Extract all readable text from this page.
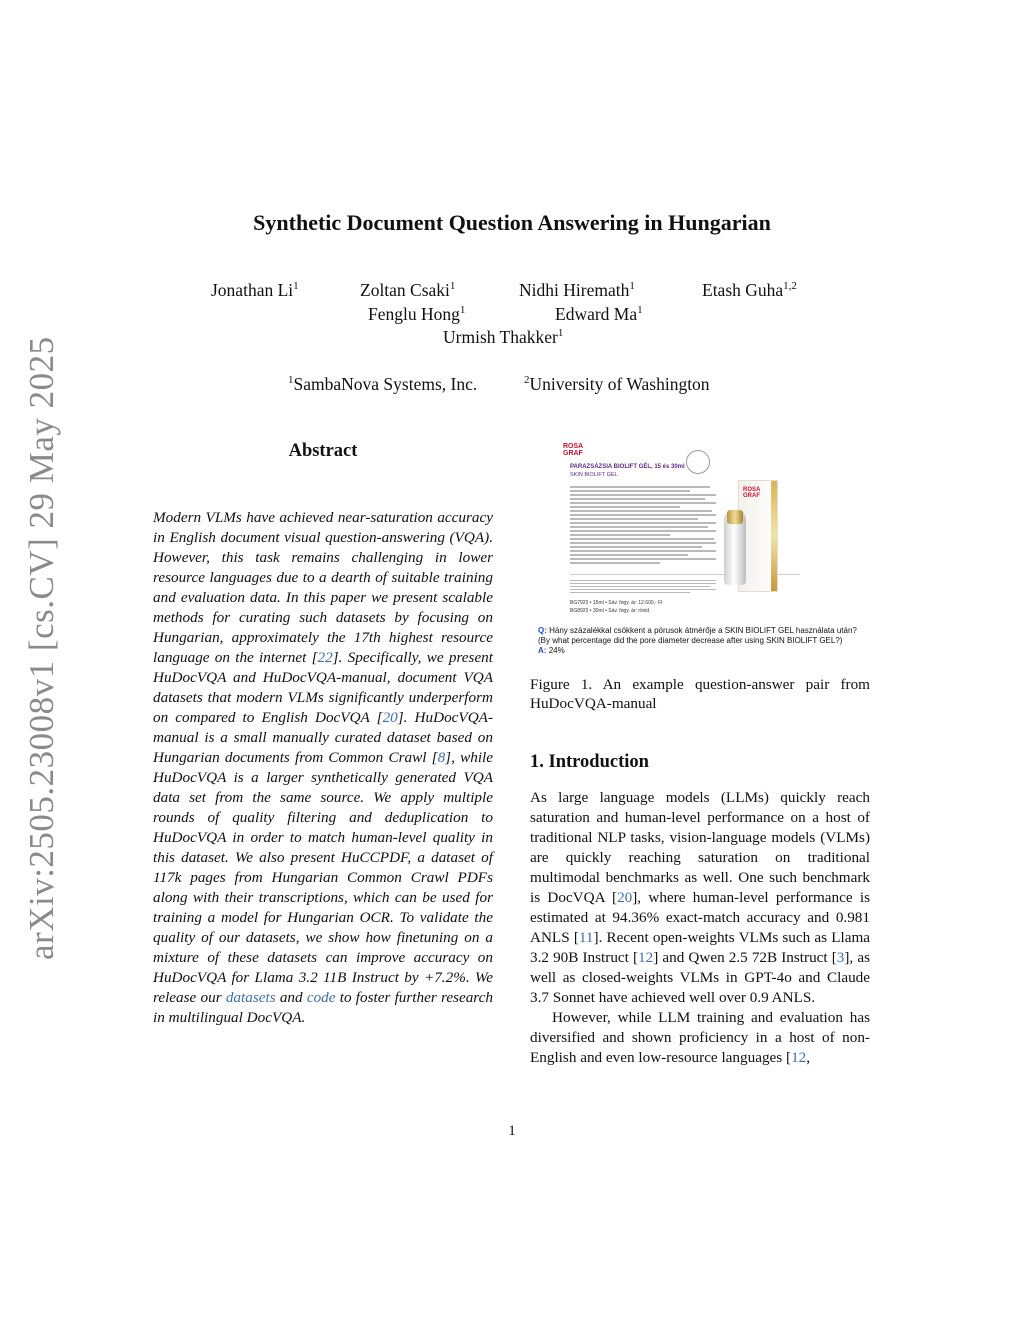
arXiv:2505.23008v1 [cs.CV] 29 May 2025
Synthetic Document Question Answering in Hungarian
Jonathan Li$^1$	Zoltan Csaki$^1$	Nidhi Hiremath$^1$	Etash Guha$^{1,2}$
Fenglu Hong$^1$	Edward Ma$^1$
Urmish Thakker$^1$
$^1$SambaNova Systems, Inc.	$^2$University of Washington
Abstract
Modern VLMs have achieved near-saturation accuracy in English document visual question-answering (VQA). However, this task remains challenging in lower resource languages due to a dearth of suitable training and evaluation data. In this paper we present scalable methods for curating such datasets by focusing on Hungarian, approximately the 17th highest resource language on the internet [22]. Specifically, we present HuDocVQA and HuDocVQA-manual, document VQA datasets that modern VLMs significantly underperform on compared to English DocVQA [20]. HuDocVQA-manual is a small manually curated dataset based on Hungarian documents from Common Crawl [8], while HuDocVQA is a larger synthetically generated VQA data set from the same source. We apply multiple rounds of quality filtering and deduplication to HuDocVQA in order to match human-level quality in this dataset. We also present HuCCPDF, a dataset of 117k pages from Hungarian Common Crawl PDFs along with their transcriptions, which can be used for training a model for Hungarian OCR. To validate the quality of our datasets, we show how finetuning on a mixture of these datasets can improve accuracy on HuDocVQA for Llama 3.2 11B Instruct by +7.2%. We release our datasets and code to foster further research in multilingual DocVQA.
ROSA GRAF
PARAZSÁZSIA BIOLIFT GÉL, 15 és 30ml
SKIN BIOLIFT GEL
BG7920 • 15ml • Sáv. fogy. ár: 12.600,- Ft
BG8920 • 30ml • Sáv. fogy. ár: rövid
ROSA GRAF
Q: Hány százalékkal csökkent a pórusok átmérője a SKIN BIOLIFT GEL használata után?
(By what percentage did the pore diameter decrease after using SKIN BIOLIFT GEL?)
A: 24%
Figure 1. An example question-answer pair from HuDocVQA-manual
1. Introduction

As large language models (LLMs) quickly reach saturation and human-level performance on a host of traditional NLP tasks, vision-language models (VLMs) are quickly reaching saturation on traditional multimodal benchmarks as well. One such benchmark is DocVQA [20], where human-level performance is estimated at 94.36% exact-match accuracy and 0.981 ANLS [11]. Recent open-weights VLMs such as Llama 3.2 90B Instruct [12] and Qwen 2.5 72B Instruct [3], as well as closed-weights VLMs in GPT-4o and Claude 3.7 Sonnet have achieved well over 0.9 ANLS.

However, while LLM training and evaluation has diversified and shown proficiency in a host of non-English and even low-resource languages [12,

1
